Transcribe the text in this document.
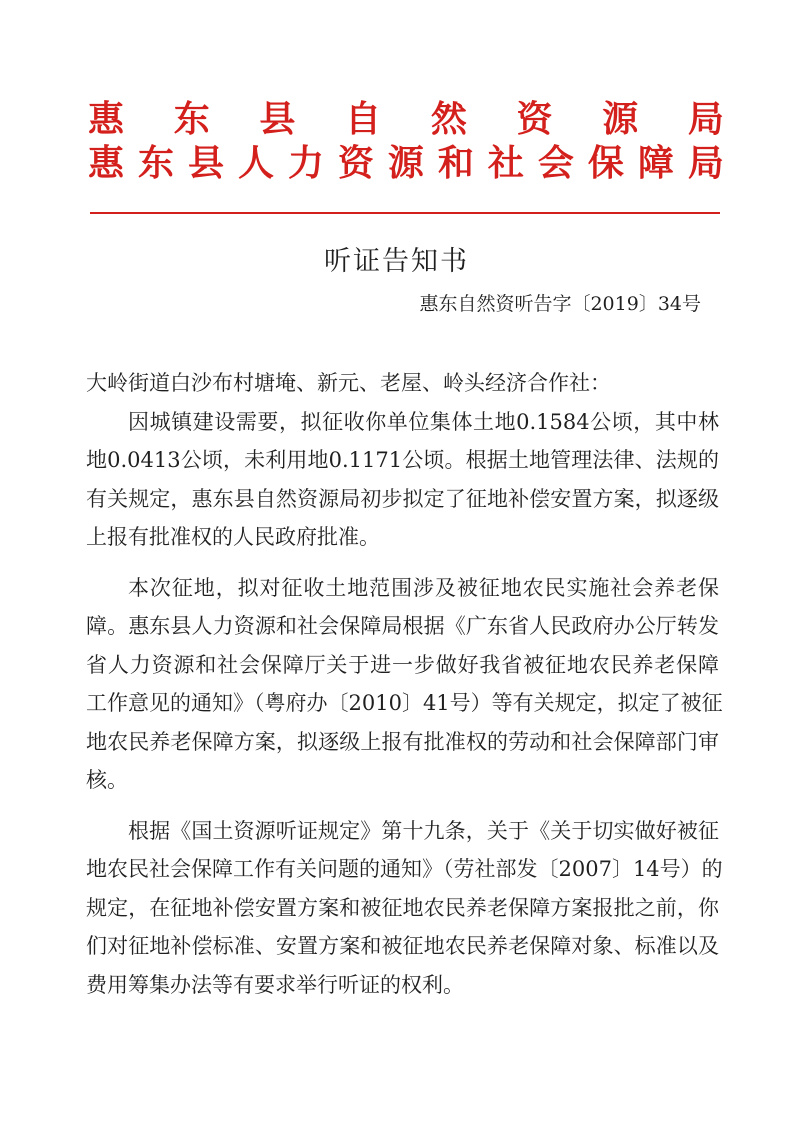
惠 东 县 自 然 资 源 局
惠 东 县 人 力 资 源 和 社 会 保 障 局
听证告知书
惠东自然资听告字〔2019〕34号
大岭街道白沙布村塘埯、新元、老屋、岭头经济合作社：
因城镇建设需要，拟征收你单位集体土地0.1584公顷，其中林
地0.0413公顷，未利用地0.1171公顷。根据土地管理法律、法规的
有关规定，惠东县自然资源局初步拟定了征地补偿安置方案，拟逐级
上报有批准权的人民政府批准。
本次征地，拟对征收土地范围涉及被征地农民实施社会养老保
障。惠东县人力资源和社会保障局根据《广东省人民政府办公厅转发
省人力资源和社会保障厅关于进一步做好我省被征地农民养老保障
工作意见的通知》（粤府办〔2010〕41号）等有关规定，拟定了被征
地农民养老保障方案，拟逐级上报有批准权的劳动和社会保障部门审
核。
根据《国土资源听证规定》第十九条，关于《关于切实做好被征
地农民社会保障工作有关问题的通知》（劳社部发〔2007〕14号）的
规定，在征地补偿安置方案和被征地农民养老保障方案报批之前，你
们对征地补偿标准、安置方案和被征地农民养老保障对象、标准以及
费用筹集办法等有要求举行听证的权利。
